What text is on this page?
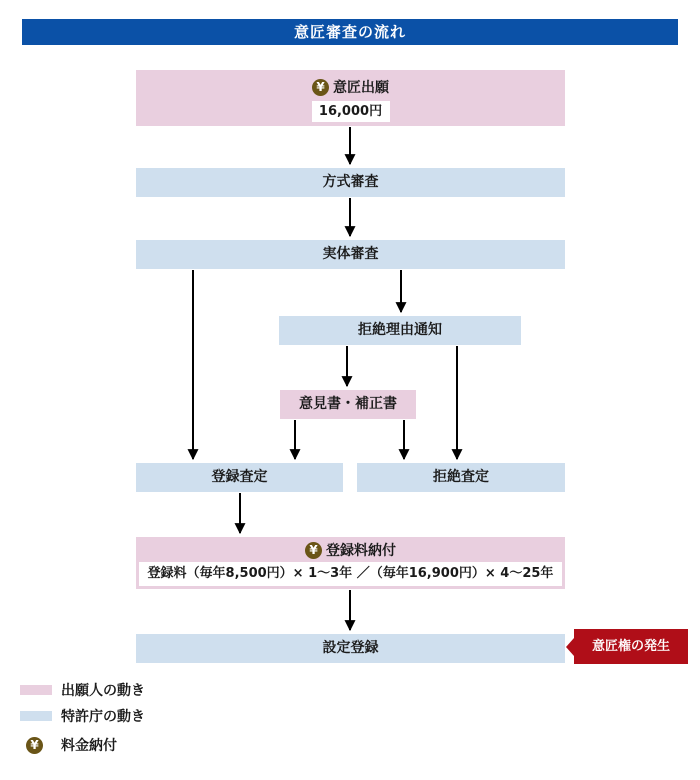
意匠審査の流れ
¥ 意匠出願
16,000円
方式審査
実体審査
拒絶理由通知
意見書・補正書
登録査定	拒絶査定
¥ 登録料納付
登録料（毎年8,500円）× 1～3年 ／（毎年16,900円）× 4～25年
設定登録	意匠権の発生
出願人の動き
特許庁の動き
¥ 料金納付
